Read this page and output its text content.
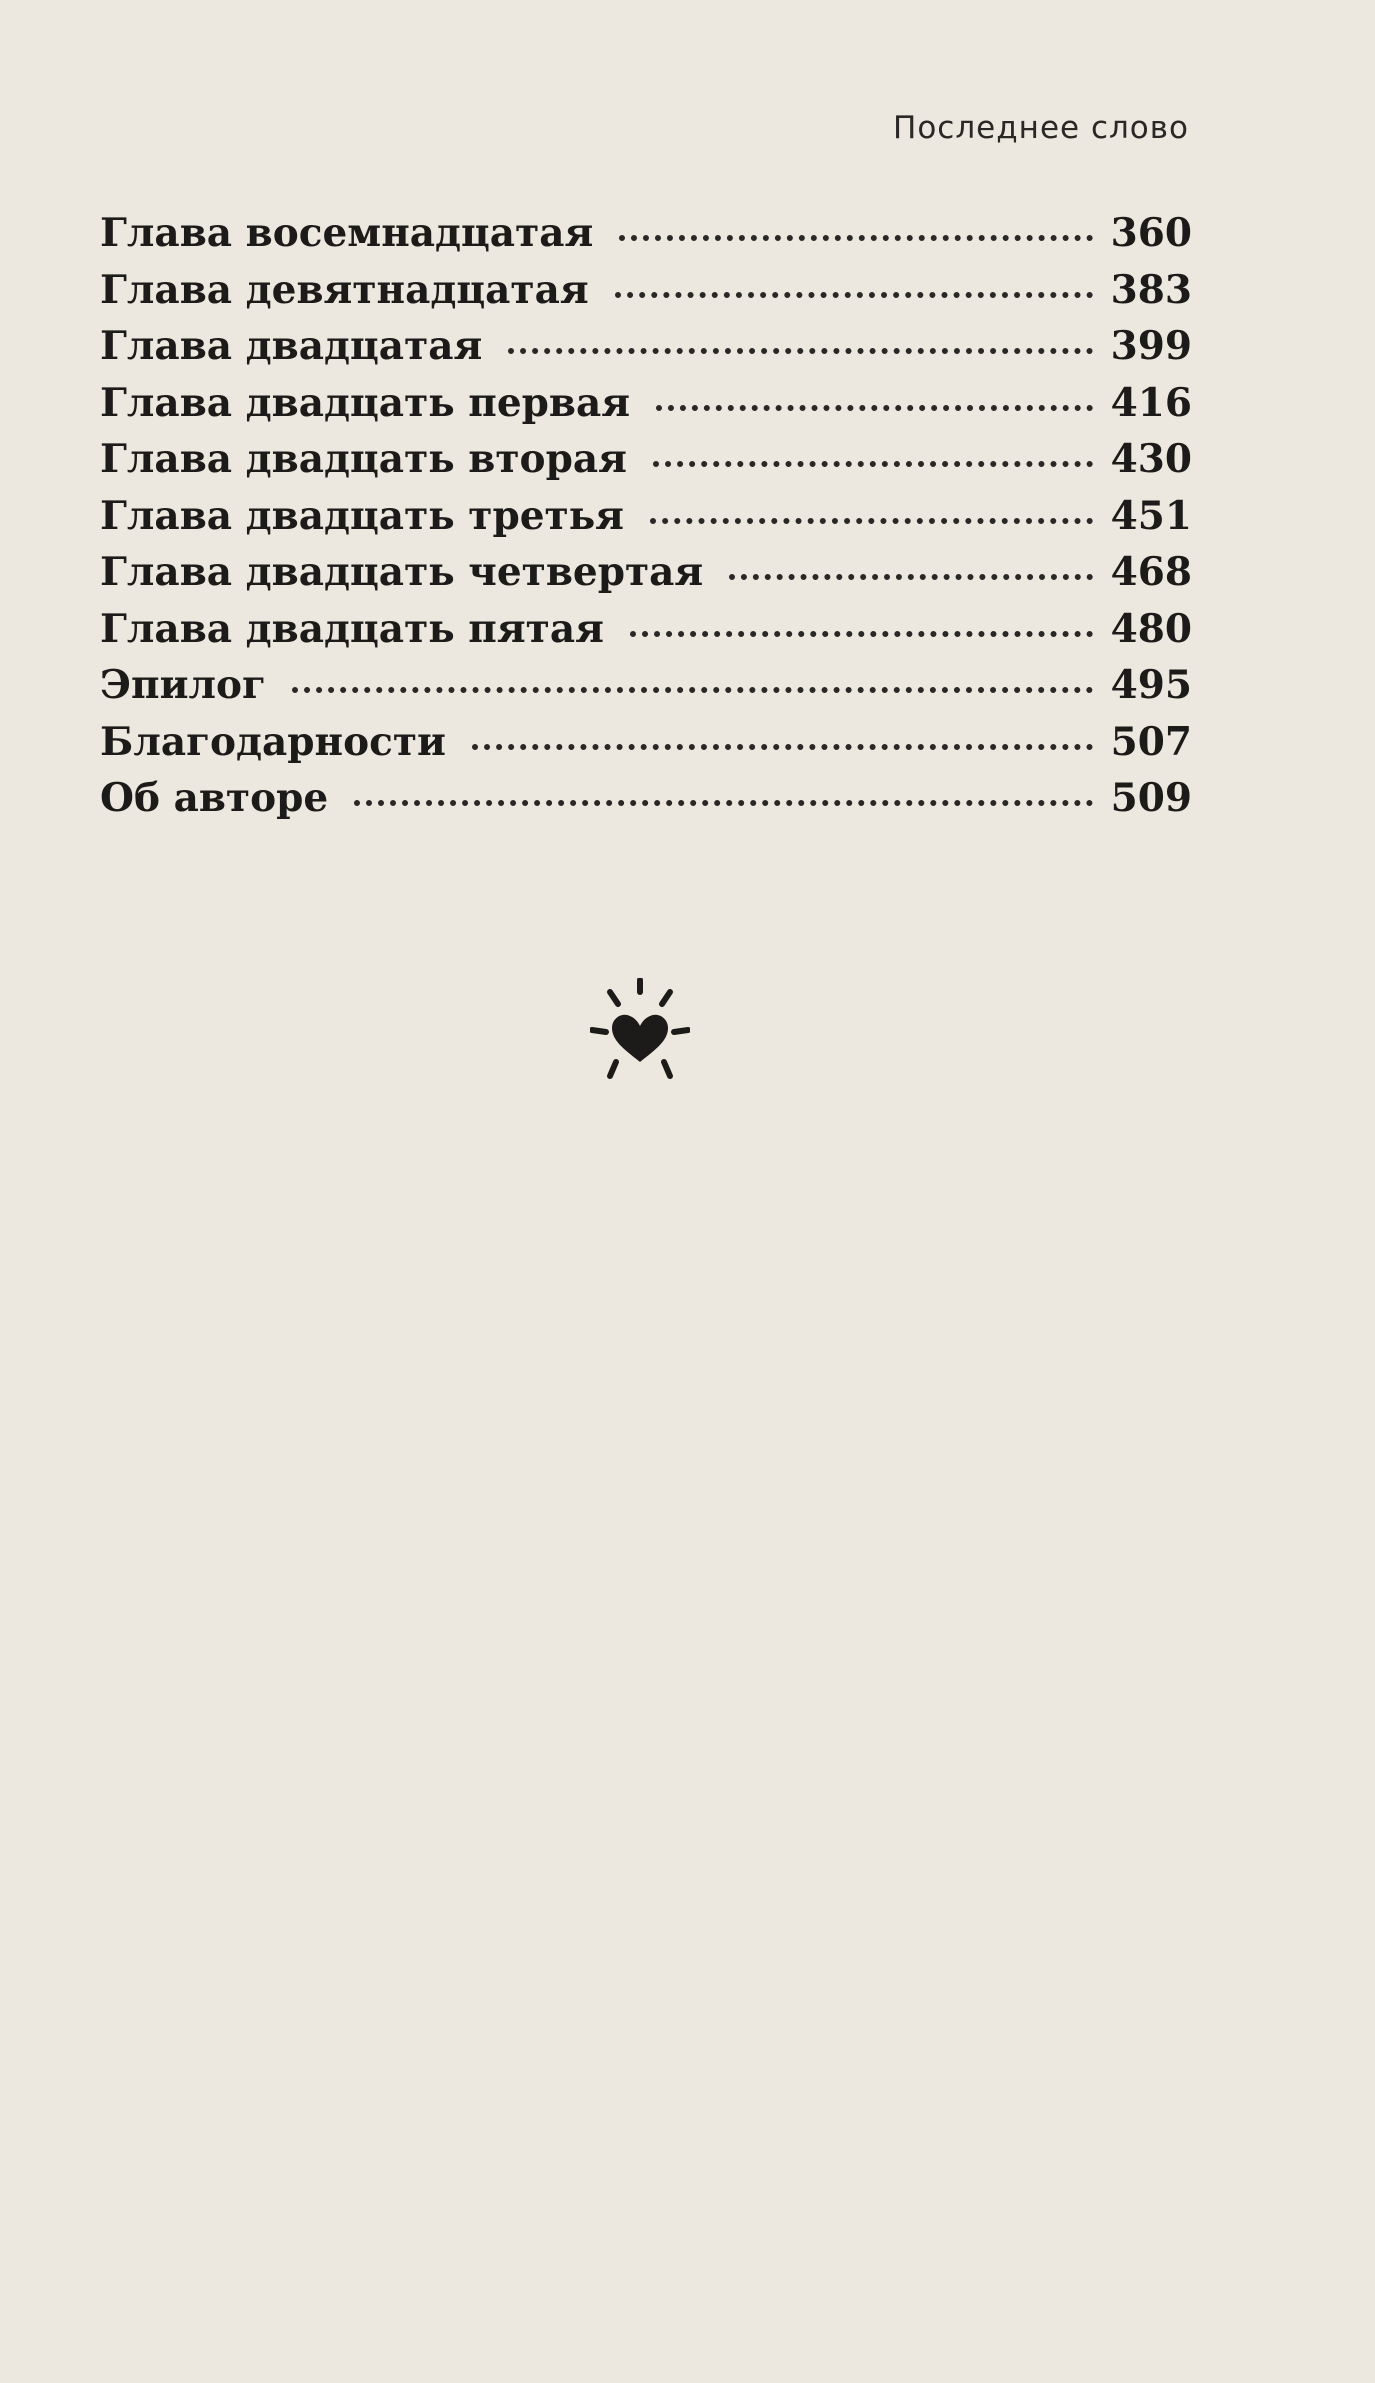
Последнее слово
Глава восемнадцатая	360
Глава девятнадцатая	383
Глава двадцатая	399
Глава двадцать первая	416
Глава двадцать вторая	430
Глава двадцать третья	451
Глава двадцать четвертая	468
Глава двадцать пятая	480
Эпилог	495
Благодарности	507
Об авторе	509
